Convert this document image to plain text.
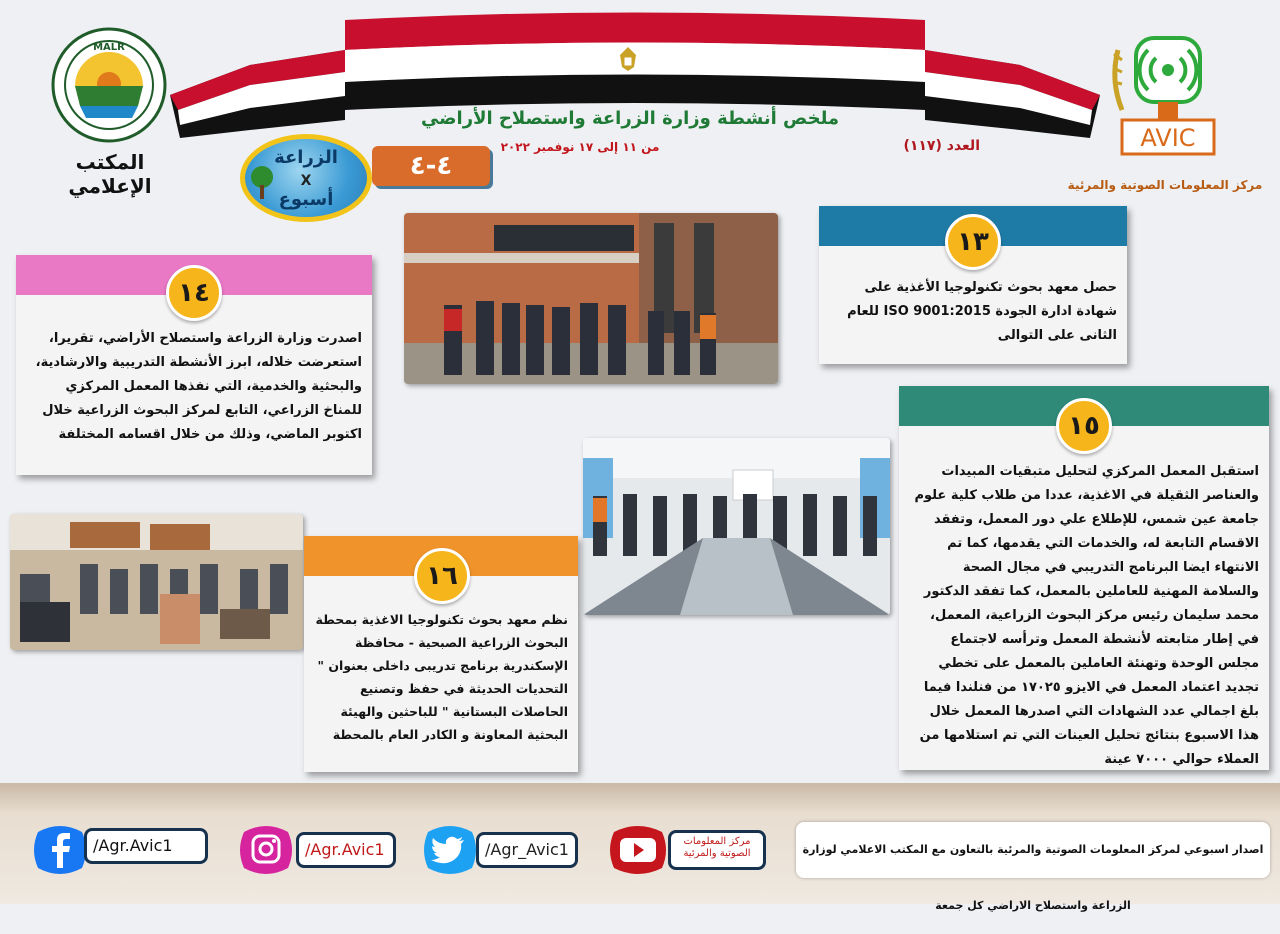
ملخص أنشطة وزارة الزراعة واستصلاح الأراضي
من ١١ إلى ١٧ نوفمبر ٢٠٢٢	العدد (١١٧)
٤-٤
الزراعة
X
أسبوع
MALR
المكتب الإعلامي
AVIC
مركز المعلومات الصوتية والمرئية
١٣
حصل معهد بحوث تكنولوجيا الأغذية على شهادة ادارة الجودة ISO 9001:2015 للعام الثانى على التوالى
١٤
اصدرت وزارة الزراعة واستصلاح الأراضي، تقريرا، استعرضت خلاله، ابرز الأنشطة التدريبية والارشادية، والبحثية والخدمية، التي نفذها المعمل المركزي للمناخ الزراعي، التابع لمركز البحوث الزراعية خلال اكتوبر الماضي، وذلك من خلال اقسامه المختلفة	١٥
استقبل المعمل المركزي لتحليل متبقيات المبيدات والعناصر الثقيلة في الاغذية، عددا من طلاب كلية علوم جامعة عين شمس، للإطلاع علي دور المعمل، وتفقد الاقسام التابعة له، والخدمات التي يقدمها، كما تم الانتهاء ايضا البرنامج التدريبي في مجال الصحة والسلامة المهنية للعاملين بالمعمل، كما تفقد الدكتور محمد سليمان رئيس مركز البحوث الزراعية، المعمل، في إطار متابعته لأنشطة المعمل وترأسه لاجتماع مجلس الوحدة وتهنئة العاملين بالمعمل على تخطي تجديد اعتماد المعمل في الايزو ١٧٠٢٥ من فنلندا فيما بلغ اجمالي عدد الشهادات التي اصدرها المعمل خلال هذا الاسبوع بنتائج تحليل العينات التي تم استلامها من العملاء حوالي ٧٠٠٠ عينة
١٦
نظم معهد بحوث تكنولوجيا الاغذية بمحطة البحوث الزراعية الصبحية - محافظة الإسكندرية برنامج تدريبى داخلى بعنوان " التحديات الحديثة في حفظ وتصنيع الحاصلات البستانية " للباحثين والهيئة البحثية المعاونة و الكادر العام بالمحطة
/Agr.Avic1	/Agr.Avic1	/Agr_Avic1	مركز المعلومات الصوتية والمرئية	اصدار اسبوعي لمركز المعلومات الصوتية والمرئية بالتعاون مع المكتب الاعلامي لوزارة الزراعة واستصلاح الاراضي كل جمعة
